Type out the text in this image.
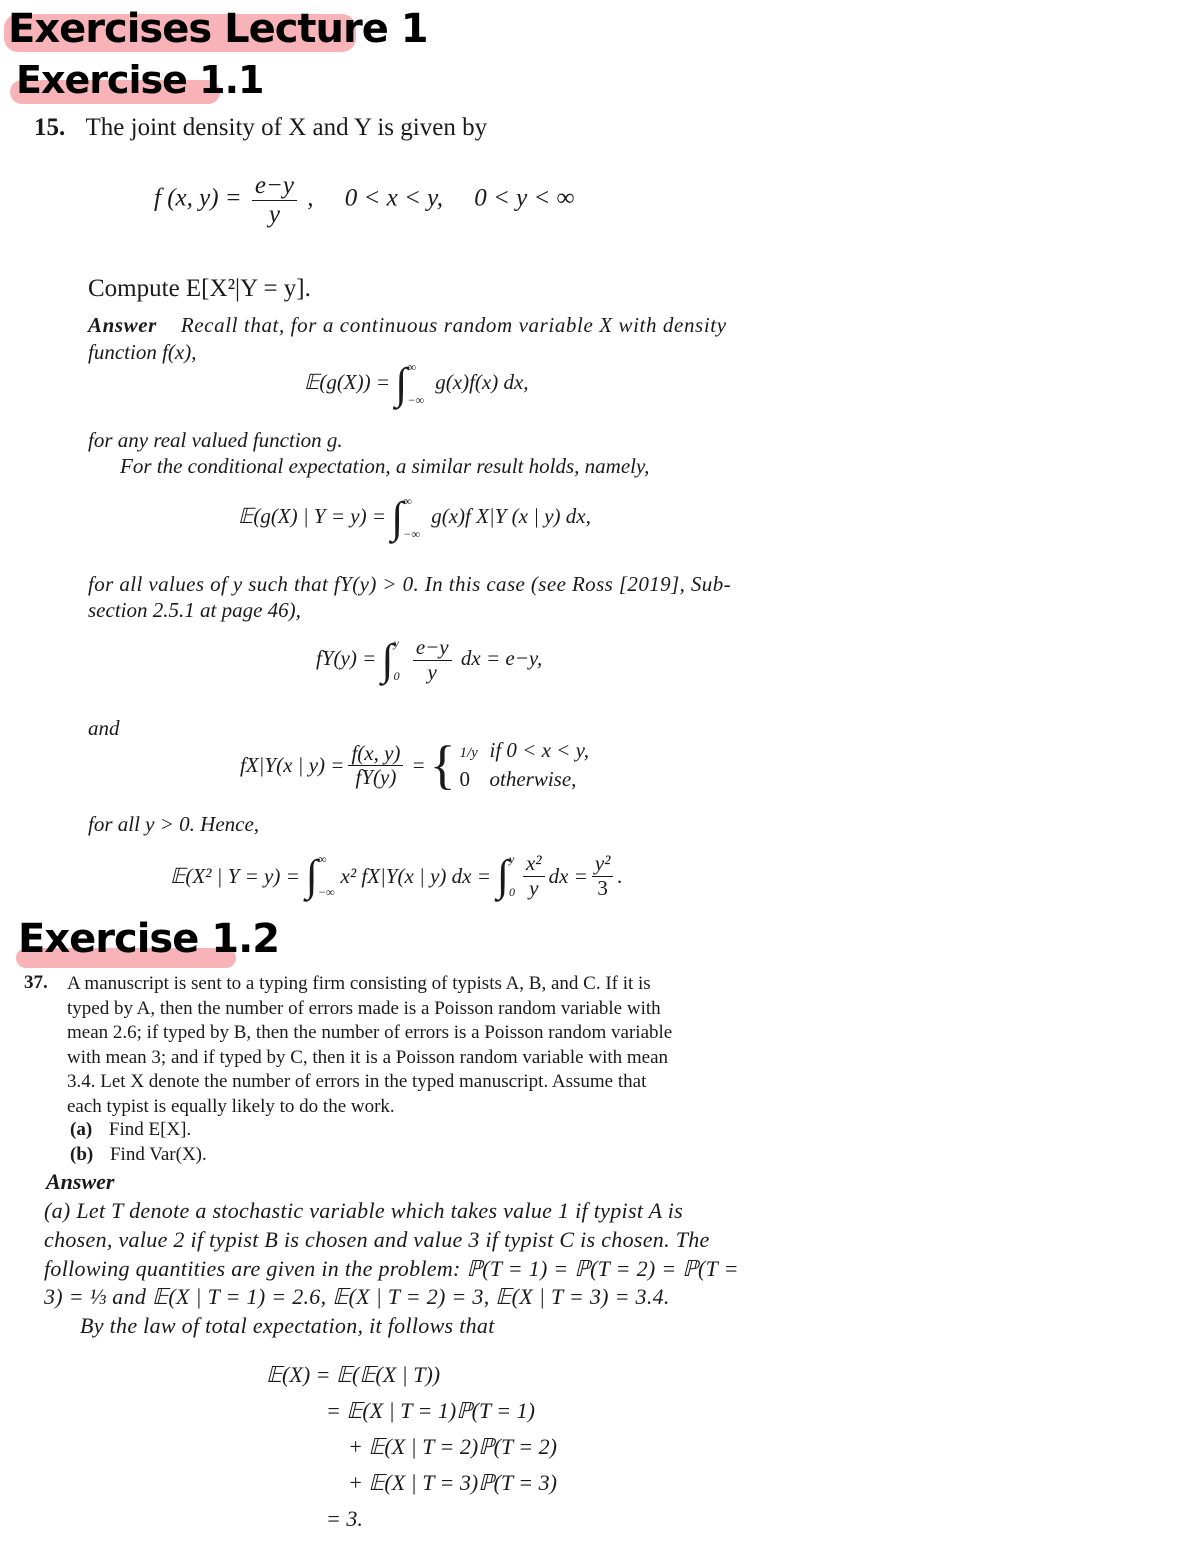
Exercises Lecture 1
Exercise 1.1
15. The joint density of X and Y is given by
f (x, $y) = \frac{e-y}{y}$ ,     0 < x < y,     0 < y < ∞
Compute E[X²|Y = y].
Answer Recall that, for a continuous random variable X with density
function f(x),
𝔼(g(X)) = ∫ ∞
−∞
g(x)f(x) dx,
for any real valued function g.
For the conditional expectation, a similar result holds, namely,
𝔼(g(X) | Y = y) = ∫ ∞
−∞
g(x)f X|Y (x | y) dx,
for all values of y such that fY(y) > 0. In this case (see Ross [2019], Sub-
section 2.5.1 at page 46),
fY(y) = ∫ y
0
$\frac{e-y}{y}$ dx = e−y,
and
fX|Y(x | $y) = \frac{f(x, y)}{fY(y)}$ = { 1/y if 0 < x < y,
0 otherwise,
for all y > 0. Hence,
𝔼(X² | Y = y) = ∫ ∞
−∞
x² fX|Y(x | y) dx = ∫ y
$0 \frac{\text{x²}}{y}$ dx = $\frac{\text{y²}}{3}$ .
Exercise 1.2
37. A manuscript is sent to a typing firm consisting of typists A, B, and C. If it is
typed by A, then the number of errors made is a Poisson random variable with
mean 2.6; if typed by B, then the number of errors is a Poisson random variable
with mean 3; and if typed by C, then it is a Poisson random variable with mean
3.4. Let X denote the number of errors in the typed manuscript. Assume that
each typist is equally likely to do the work.
(a) Find E[X].
(b) Find Var(X).
Answer
(a) Let T denote a stochastic variable which takes value 1 if typist A is
chosen, value 2 if typist B is chosen and value 3 if typist C is chosen. The
following quantities are given in the problem: ℙ(T = 1) = ℙ(T = 2) = ℙ(T =
3) = ⅓ and 𝔼(X | T = 1) = 2.6, 𝔼(X | T = 2) = 3, 𝔼(X | T = 3) = 3.4.
By the law of total expectation, it follows that
𝔼(X) = 𝔼(𝔼(X | T))
= 𝔼(X | T = 1)ℙ(T = 1)
+ 𝔼(X | T = 2)ℙ(T = 2)
+ 𝔼(X | T = 3)ℙ(T = 3)
= 3.
